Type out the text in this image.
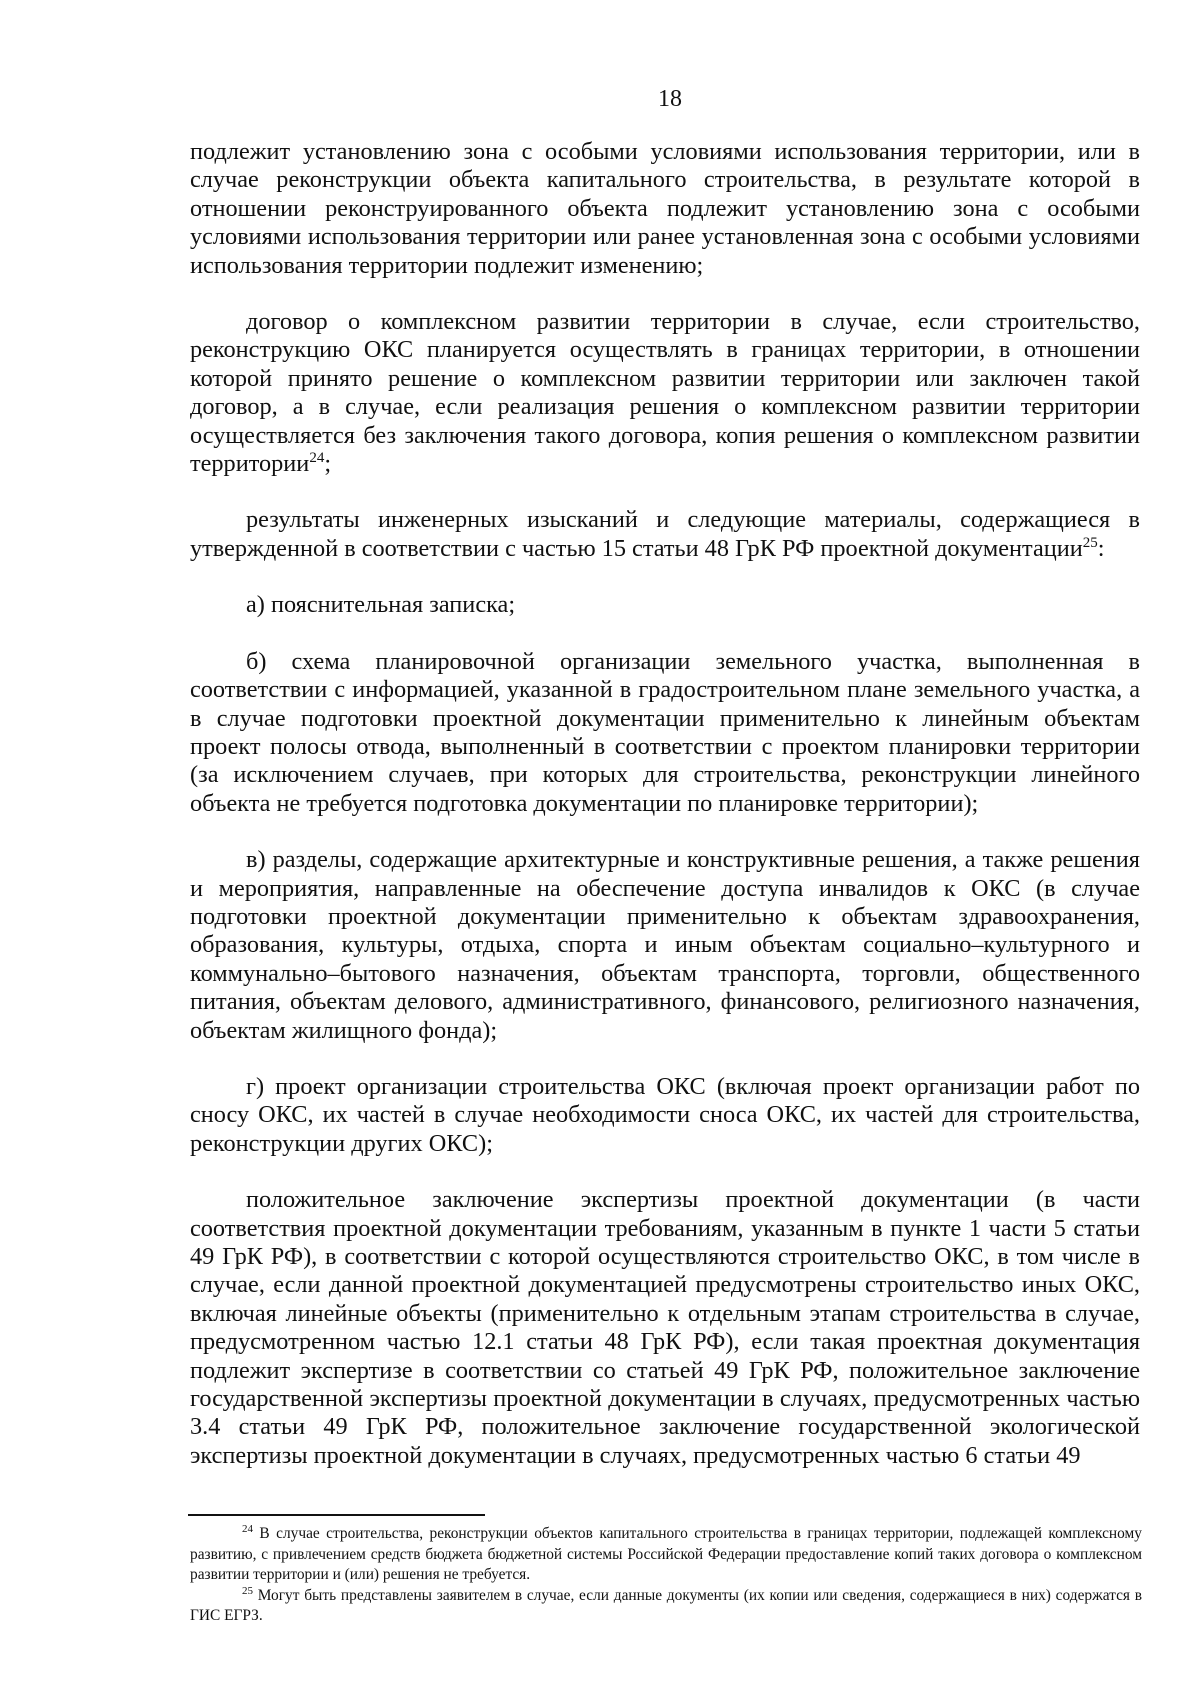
18

подлежит установлению зона с особыми условиями использования территории, или в случае реконструкции объекта капитального строительства, в результате которой в отношении реконструированного объекта подлежит установлению зона с особыми условиями использования территории или ранее установленная зона с особыми условиями использования территории подлежит изменению;

договор о комплексном развитии территории в случае, если строительство, реконструкцию ОКС планируется осуществлять в границах территории, в отношении которой принято решение о комплексном развитии территории или заключен такой договор, а в случае, если реализация решения о комплексном развитии территории осуществляется без заключения такого договора, копия решения о комплексном развитии территории$^{24}$;

результаты инженерных изысканий и следующие материалы, содержащиеся в утвержденной в соответствии с частью 15 статьи 48 ГрК РФ проектной документации$^{25}$:

а) пояснительная записка;

б) схема планировочной организации земельного участка, выполненная в соответствии с информацией, указанной в градостроительном плане земельного участка, а в случае подготовки проектной документации применительно к линейным объектам проект полосы отвода, выполненный в соответствии с проектом планировки территории (за исключением случаев, при которых для строительства, реконструкции линейного объекта не требуется подготовка документации по планировке территории);

в) разделы, содержащие архитектурные и конструктивные решения, а также решения и мероприятия, направленные на обеспечение доступа инвалидов к ОКС (в случае подготовки проектной документации применительно к объектам здравоохранения, образования, культуры, отдыха, спорта и иным объектам социально–культурного и коммунально–бытового назначения, объектам транспорта, торговли, общественного питания, объектам делового, административного, финансового, религиозного назначения, объектам жилищного фонда);

г) проект организации строительства ОКС (включая проект организации работ по сносу ОКС, их частей в случае необходимости сноса ОКС, их частей для строительства, реконструкции других ОКС);

положительное заключение экспертизы проектной документации (в части соответствия проектной документации требованиям, указанным в пункте 1 части 5 статьи 49 ГрК РФ), в соответствии с которой осуществляются строительство ОКС, в том числе в случае, если данной проектной документацией предусмотрены строительство иных ОКС, включая линейные объекты (применительно к отдельным этапам строительства в случае, предусмотренном частью 12.1 статьи 48 ГрК РФ), если такая проектная документация подлежит экспертизе в соответствии со статьей 49 ГрК РФ, положительное заключение государственной экспертизы проектной документации в случаях, предусмотренных частью 3.4 статьи 49 ГрК РФ, положительное заключение государственной экологической экспертизы проектной документации в случаях, предусмотренных частью 6 статьи 49

$^{24}$ В случае строительства, реконструкции объектов капитального строительства в границах территории, подлежащей комплексному развитию, с привлечением средств бюджета бюджетной системы Российской Федерации предоставление копий таких договора о комплексном развитии территории и (или) решения не требуется.

$^{25}$ Могут быть представлены заявителем в случае, если данные документы (их копии или сведения, содержащиеся в них) содержатся в ГИС ЕГРЗ.
